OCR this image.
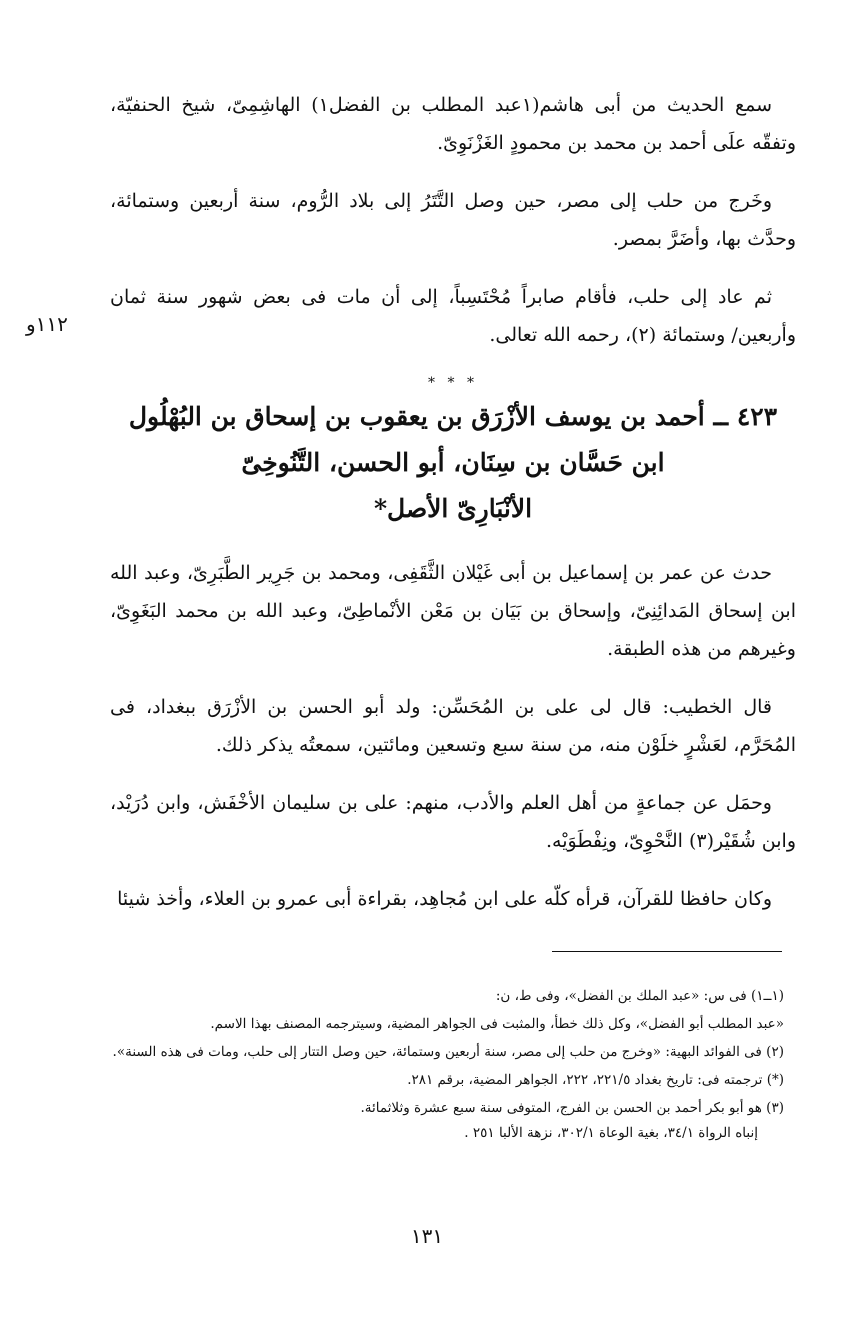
١١٢و

سمع الحديث من أبى هاشم(١عبد المطلب بن الفضل١) الهاشِمِىّ، شيخ الحنفيّة، وتفقّه علَى أحمد بن محمد بن محمودٍ الغَزْنَوِىّ.

وخَرج من حلب إلى مصر، حين وصل التَّتَرُ إلى بلاد الرُّوم، سنة أربعين وستمائة، وحدَّث بها، وأضَرَّ بمصر.

ثم عاد إلى حلب، فأقام صابراً مُحْتَسِباً، إلى أن مات فى بعض شهور سنة ثمان وأربعين/ وستمائة (٢)، رحمه الله تعالى.

* * *
٤٢٣ ــ أحمد بن يوسف الأزْرَق بن يعقوب بن إسحاق بن البُهْلُول
ابن حَسَّان بن سِنَان، أبو الحسن، التَّنُوخِىّ
الأنْبَارِىّ الأصل*

حدث عن عمر بن إسماعيل بن أبى غَيْلان الثَّقَفِى، ومحمد بن جَرِير الطَّبَرِىّ، وعبد الله ابن إسحاق المَدائِنِىّ، وإسحاق بن بَيَان بن مَعْن الأنْماطِىّ، وعبد الله بن محمد البَغَوِىّ، وغيرهم من هذه الطبقة.

قال الخطيب: قال لى على بن المُحَسِّن: ولد أبو الحسن بن الأزْرَق ببغداد، فى المُحَرَّم، لعَشْرٍ خلَوْن منه، من سنة سبع وتسعين ومائتين، سمعتُه يذكر ذلك.

وحمَل عن جماعةٍ من أهل العلم والأدب، منهم: على بن سليمان الأخْفَش، وابن دُرَيْد، وابن شُقَيْر(٣) النَّحْوِىّ، ونِفْطَوَيْه.

وكان حافظا للقرآن، قرأه كلّه على ابن مُجاهِد، بقراءة أبى عمرو بن العلاء، وأخذ شيئا

(١ــ١) فى س: «عبد الملك بن الفضل»، وفى ط، ن:

«عبد المطلب أبو الفضل»، وكل ذلك خطأ، والمثبت فى الجواهر المضية، وسيترجمه المصنف بهذا الاسم.

(٢) فى الفوائد البهية: «وخرج من حلب إلى مصر، سنة أربعين وستمائة، حين وصل التتار إلى حلب، ومات فى هذه السنة».

(*) ترجمته فى: تاريخ بغداد ٢٢١/٥، ٢٢٢، الجواهر المضية، برقم ٢٨١.

(٣) هو أبو بكر أحمد بن الحسن بن الفرج، المتوفى سنة سبع عشرة وثلاثمائة.

إنباه الرواة ٣٤/١، بغية الوعاة ٣٠٢/١، نزهة الألبا ٢٥١ .

١٣١
